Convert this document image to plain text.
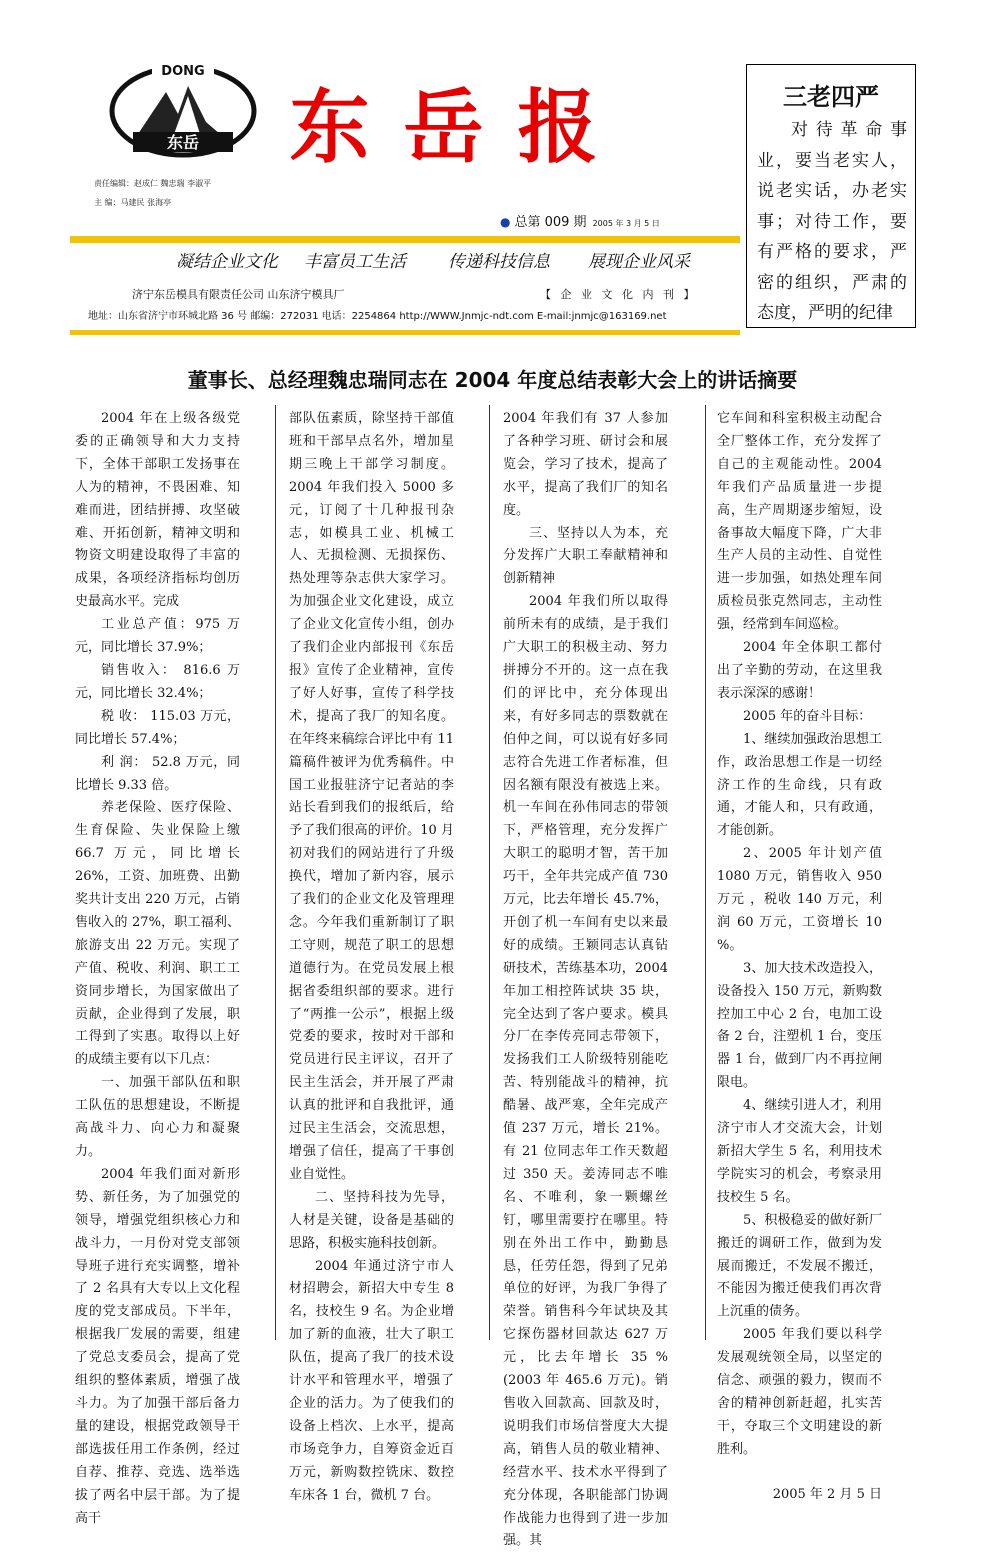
DONG
东岳 东岳报
责任编辑：赵成仁 魏忠瑞 李淑平
主 编：马建民 张海亭
● 总第 009 期 2005 年 3 月 5 日
三老四严
对待革命事业，要当老实人，说老实话，办老实事；对待工作，要有严格的要求，严密的组织，严肃的态度，严明的纪律
凝结企业文化 丰富员工生活 传递科技信息 展现企业风采
济宁东岳模具有限责任公司 山东济宁模具厂	【 企 业 文 化 内 刊 】
地址：山东省济宁市环城北路 36 号 邮编：272031 电话：2254864 http://WWW.Jnmjc-ndt.com E-mail:jnmjc@163169.net
董事长、总经理魏忠瑞同志在 2004 年度总结表彰大会上的讲话摘要

2004 年在上级各级党委的正确领导和大力支持下，全体干部职工发扬事在人为的精神，不畏困难、知难而进，团结拼搏、攻坚破难、开拓创新，精神文明和物资文明建设取得了丰富的成果，各项经济指标均创历史最高水平。完成

工业总产值：975 万元，同比增长 37.9%；

销售收入： 816.6 万元，同比增长 32.4%；

税 收： 115.03 万元，同比增长 57.4%；

利 润： 52.8 万元，同比增长 9.33 倍。

养老保险、医疗保险、生育保险、失业保险上缴 66.7 万元，同比增长 26%，工资、加班费、出勤奖共计支出 220 万元，占销售收入的 27%，职工福利、旅游支出 22 万元。实现了产值、税收、利润、职工工资同步增长，为国家做出了贡献，企业得到了发展，职工得到了实惠。取得以上好的成绩主要有以下几点：

一、加强干部队伍和职工队伍的思想建设，不断提高战斗力、向心力和凝聚力。

2004 年我们面对新形势、新任务，为了加强党的领导，增强党组织核心力和战斗力，一月份对党支部领导班子进行充实调整，增补了 2 名具有大专以上文化程度的党支部成员。下半年，根据我厂发展的需要，组建了党总支委员会，提高了党组织的整体素质，增强了战斗力。为了加强干部后备力量的建设，根据党政领导干部选拔任用工作条例，经过自荐、推荐、竞选、选举选拔了两名中层干部。为了提高干

部队伍素质，除坚持干部值班和干部早点名外，增加星期三晚上干部学习制度。2004 年我们投入 5000 多元，订阅了十几种报刊杂志，如模具工业、机械工人、无损检测、无损探伤、热处理等杂志供大家学习。为加强企业文化建设，成立了企业文化宣传小组，创办了我们企业内部报刊《东岳报》宣传了企业精神，宣传了好人好事，宣传了科学技术，提高了我厂的知名度。在年终来稿综合评比中有 11 篇稿件被评为优秀稿件。中国工业报驻济宁记者站的李站长看到我们的报纸后，给予了我们很高的评价。10 月初对我们的网站进行了升级换代，增加了新内容，展示了我们的企业文化及管理理念。今年我们重新制订了职工守则，规范了职工的思想道德行为。在党员发展上根据省委组织部的要求。进行了“两推一公示”，根据上级党委的要求，按时对干部和党员进行民主评议，召开了民主生活会，并开展了严肃认真的批评和自我批评，通过民主生活会，交流思想，增强了信任，提高了干事创业自觉性。

二、坚持科技为先导，人材是关键，设备是基础的思路，积极实施科技创新。

2004 年通过济宁市人材招聘会，新招大中专生 8 名，技校生 9 名。为企业增加了新的血液，壮大了职工队伍，提高了我厂的技术设计水平和管理水平，增强了企业的活力。为了使我们的设备上档次、上水平，提高市场竞争力，自筹资金近百万元，新购数控铣床、数控车床各 1 台，微机 7 台。

2004 年我们有 37 人参加了各种学习班、研讨会和展览会，学习了技术，提高了水平，提高了我们厂的知名度。

三、坚持以人为本，充分发挥广大职工奉献精神和创新精神

2004 年我们所以取得前所未有的成绩，是于我们广大职工的积极主动、努力拼搏分不开的。这一点在我们的评比中，充分体现出来，有好多同志的票数就在伯仲之间，可以说有好多同志符合先进工作者标准，但因名额有限没有被选上来。机一车间在孙伟同志的带领下，严格管理，充分发挥广大职工的聪明才智，苦干加巧干，全年共完成产值 730 万元，比去年增长 45.7%，开创了机一车间有史以来最好的成绩。王颖同志认真钻研技术，苦练基本功，2004 年加工相控阵试块 35 块，完全达到了客户要求。模具分厂在李传亮同志带领下，发扬我们工人阶级特别能吃苦、特别能战斗的精神，抗酷暑、战严寒，全年完成产值 237 万元，增长 21%。有 21 位同志年工作天数超过 350 天。姜涛同志不唯 名、不唯利，象一颗螺丝钉，哪里需要拧在哪里。特别在外出工作中，勤勤恳恳，任劳任怨，得到了兄弟单位的好评，为我厂争得了荣誉。销售科今年试块及其它探伤器材回款达 627 万元，比去年增长 35 %(2003 年 465.6 万元)。销售收入回款高、回款及时，说明我们市场信誉度大大提高，销售人员的敬业精神、经营水平、技术水平得到了充分体现，各职能部门协调作战能力也得到了进一步加强。其

它车间和科室积极主动配合全厂整体工作，充分发挥了自己的主观能动性。2004 年我们产品质量进一步提高，生产周期逐步缩短，设备事故大幅度下降，广大非生产人员的主动性、自觉性进一步加强，如热处理车间质检员张克然同志，主动性强，经常到车间巡检。

2004 年全体职工都付出了辛勤的劳动，在这里我表示深深的感谢！

2005 年的奋斗目标：

1、继续加强政治思想工作，政治思想工作是一切经济工作的生命线，只有政通，才能人和，只有政通，才能创新。

2、2005 年计划产值 1080 万元，销售收入 950 万元 ，税收 140 万元，利润 60 万元，工资增长 10 %。

3、加大技术改造投入，设备投入 150 万元，新购数控加工中心 2 台，电加工设备 2 台，注塑机 1 台，变压器 1 台，做到厂内不再拉闸限电。

4、继续引进人才，利用济宁市人才交流大会，计划新招大学生 5 名，利用技术学院实习的机会，考察录用技校生 5 名。

5、积极稳妥的做好新厂搬迁的调研工作，做到为发展而搬迁，不发展不搬迁，不能因为搬迁使我们再次背上沉重的债务。

2005 年我们要以科学发展观统领全局，以坚定的信念、顽强的毅力，锲而不舍的精神创新赶超，扎实苦干，夺取三个文明建设的新胜利。

2005 年 2 月 5 日
